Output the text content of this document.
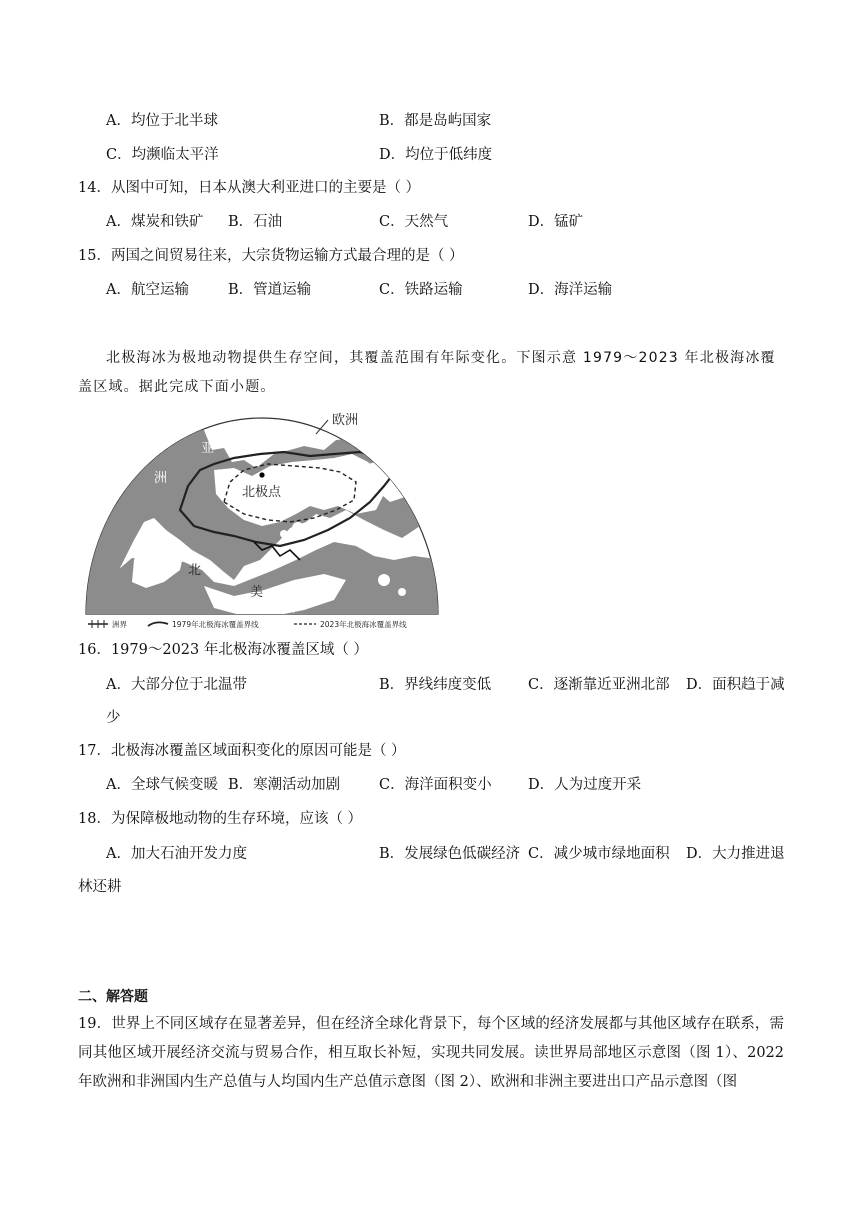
A．均位于北半球	B．都是岛屿国家
C．均濒临太平洋	D．均位于低纬度
14．从图中可知，日本从澳大利亚进口的主要是（ ）
A．煤炭和铁矿 B．石油	C．天然气	D．锰矿
15．两国之间贸易往来，大宗货物运输方式最合理的是（ ）
A．航空运输	B．管道运输	C．铁路运输	D．海洋运输
北极海冰为极地动物提供生存空间，其覆盖范围有年际变化。下图示意 1979～2023 年北极海冰覆盖区域。据此完成下面小题。
欧洲
亚
洲
北极点
北
美
洲
洲界	1979年北极海冰覆盖界线	2023年北极海冰覆盖界线
16．1979～2023 年北极海冰覆盖区域（ ）
A．大部分位于北温带	B．界线纬度变低	C．逐渐靠近亚洲北部 D．面积趋于减
少
17．北极海冰覆盖区域面积变化的原因可能是（ ）
A．全球气候变暖 B．寒潮活动加剧	C．海洋面积变小	D．人为过度开采
18．为保障极地动物的生存环境，应该（ ）
A．加大石油开发力度	B．发展绿色低碳经济 C．减少城市绿地面积 D．大力推进退
林还耕
二、解答题
19．世界上不同区域存在显著差异，但在经济全球化背景下，每个区域的经济发展都与其他区域存在联系，需同其他区域开展经济交流与贸易合作，相互取长补短，实现共同发展。读世界局部地区示意图（图 1）、2022 年欧洲和非洲国内生产总值与人均国内生产总值示意图（图 2）、欧洲和非洲主要进出口产品示意图（图
